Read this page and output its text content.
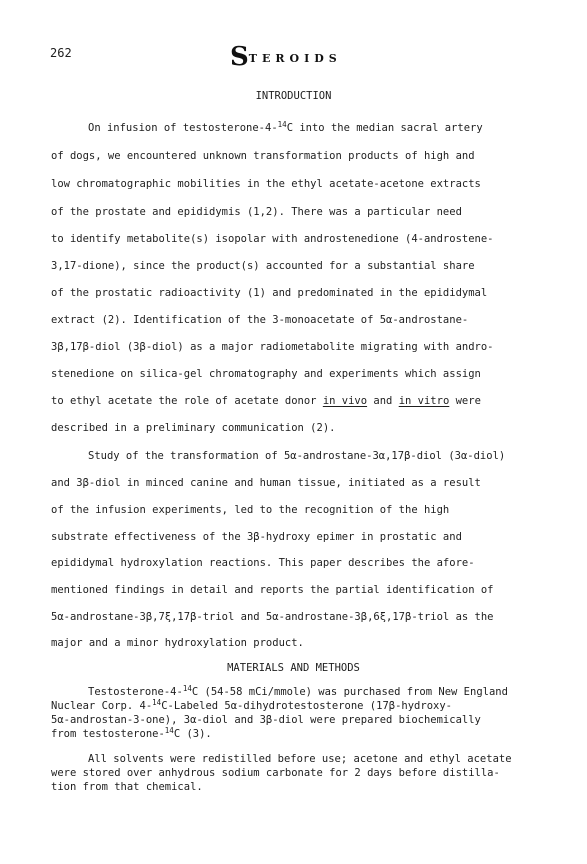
262	STEROIDS
INTRODUCTION
On infusion of testosterone-4-$^{14}$C into the median sacral artery
of dogs, we encountered unknown transformation products of high and
low chromatographic mobilities in the ethyl acetate-acetone extracts
of the prostate and epididymis (1,2). There was a particular need
to identify metabolite(s) isopolar with androstenedione (4-androstene-
3,17-dione), since the product(s) accounted for a substantial share
of the prostatic radioactivity (1) and predominated in the epididymal
extract (2). Identification of the 3-monoacetate of 5α-androstane-
3β,17β-diol (3β-diol) as a major radiometabolite migrating with andro-
stenedione on silica-gel chromatography and experiments which assign
to ethyl acetate the role of acetate donor in vivo and in vitro were
described in a preliminary communication (2).
Study of the transformation of 5α-androstane-3α,17β-diol (3α-diol)
and 3β-diol in minced canine and human tissue, initiated as a result
of the infusion experiments, led to the recognition of the high
substrate effectiveness of the 3β-hydroxy epimer in prostatic and
epididymal hydroxylation reactions. This paper describes the afore-
mentioned findings in detail and reports the partial identification of
5α-androstane-3β,7ξ,17β-triol and 5α-androstane-3β,6ξ,17β-triol as the
major and a minor hydroxylation product.
MATERIALS AND METHODS
Testosterone-4-$^{14}$C (54-58 mCi/mmole) was purchased from New England
Nuclear Corp. 4-$^{14}$C-Labeled 5α-dihydrotestosterone (17β-hydroxy-
5α-androstan-3-one), 3α-diol and 3β-diol were prepared biochemically
from testosterone-$^{14}$C (3).
All solvents were redistilled before use; acetone and ethyl acetate
were stored over anhydrous sodium carbonate for 2 days before distilla-
tion from that chemical.
